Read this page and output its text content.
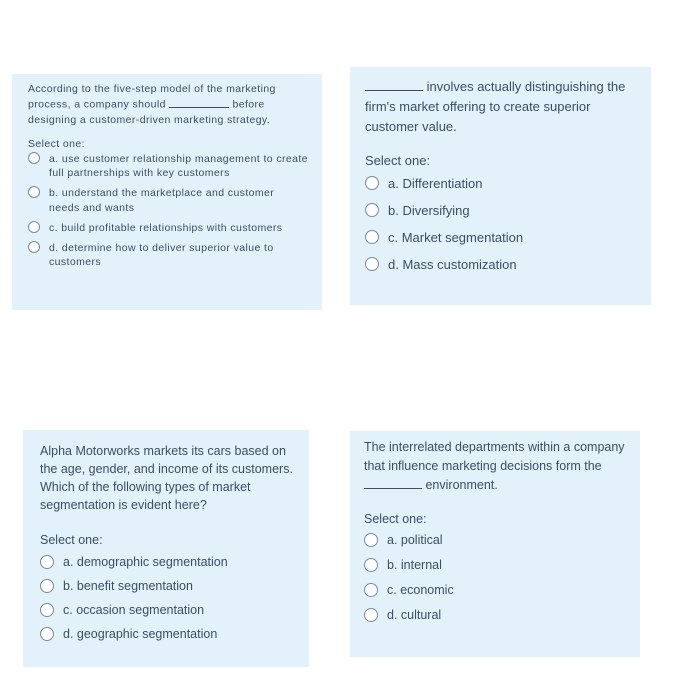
According to the five-step model of the marketing process, a company should	before designing a customer-driven marketing strategy.
Select one:
a. use customer relationship management to create full partnerships with key customers
b. understand the marketplace and customer needs and wants
c. build profitable relationships with customers
d. determine how to deliver superior value to customers
involves actually distinguishing the firm's market offering to create superior customer value.
Select one:
a. Differentiation
b. Diversifying
c. Market segmentation
d. Mass customization
Alpha Motorworks markets its cars based on the age, gender, and income of its customers. Which of the following types of market segmentation is evident here?
Select one:
a. demographic segmentation
b. benefit segmentation
c. occasion segmentation
d. geographic segmentation
The interrelated departments within a company that influence marketing decisions form the  environment.
Select one:
a. political
b. internal
c. economic
d. cultural
